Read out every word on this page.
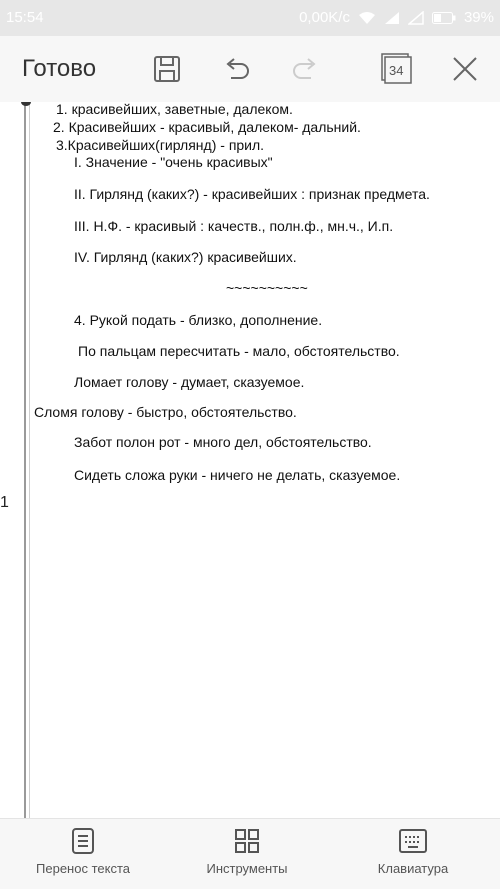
15:54	0,00K/c	39%
Готово	34
1
1. красивейших, заветные, далеком.
2. Красивейших - красивый, далеком- дальний.
3.Красивейших(гирлянд) - прил.
I. Значение - "очень красивых"
II. Гирлянд (каких?) - красивейших : признак предмета.
III. Н.Ф. - красивый : качеств., полн.ф., мн.ч., И.п.
IV. Гирлянд (каких?) красивейших.
~~~~~~~~~~
4. Рукой подать - близко, дополнение.
По пальцам пересчитать - мало, обстоятельство.
Ломает голову - думает, сказуемое.
Сломя голову - быстро, обстоятельство.
Забот полон рот - много дел, обстоятельство.
Сидеть сложа руки - ничего не делать, сказуемое.
Перенос текста	Инструменты	Клавиатура
